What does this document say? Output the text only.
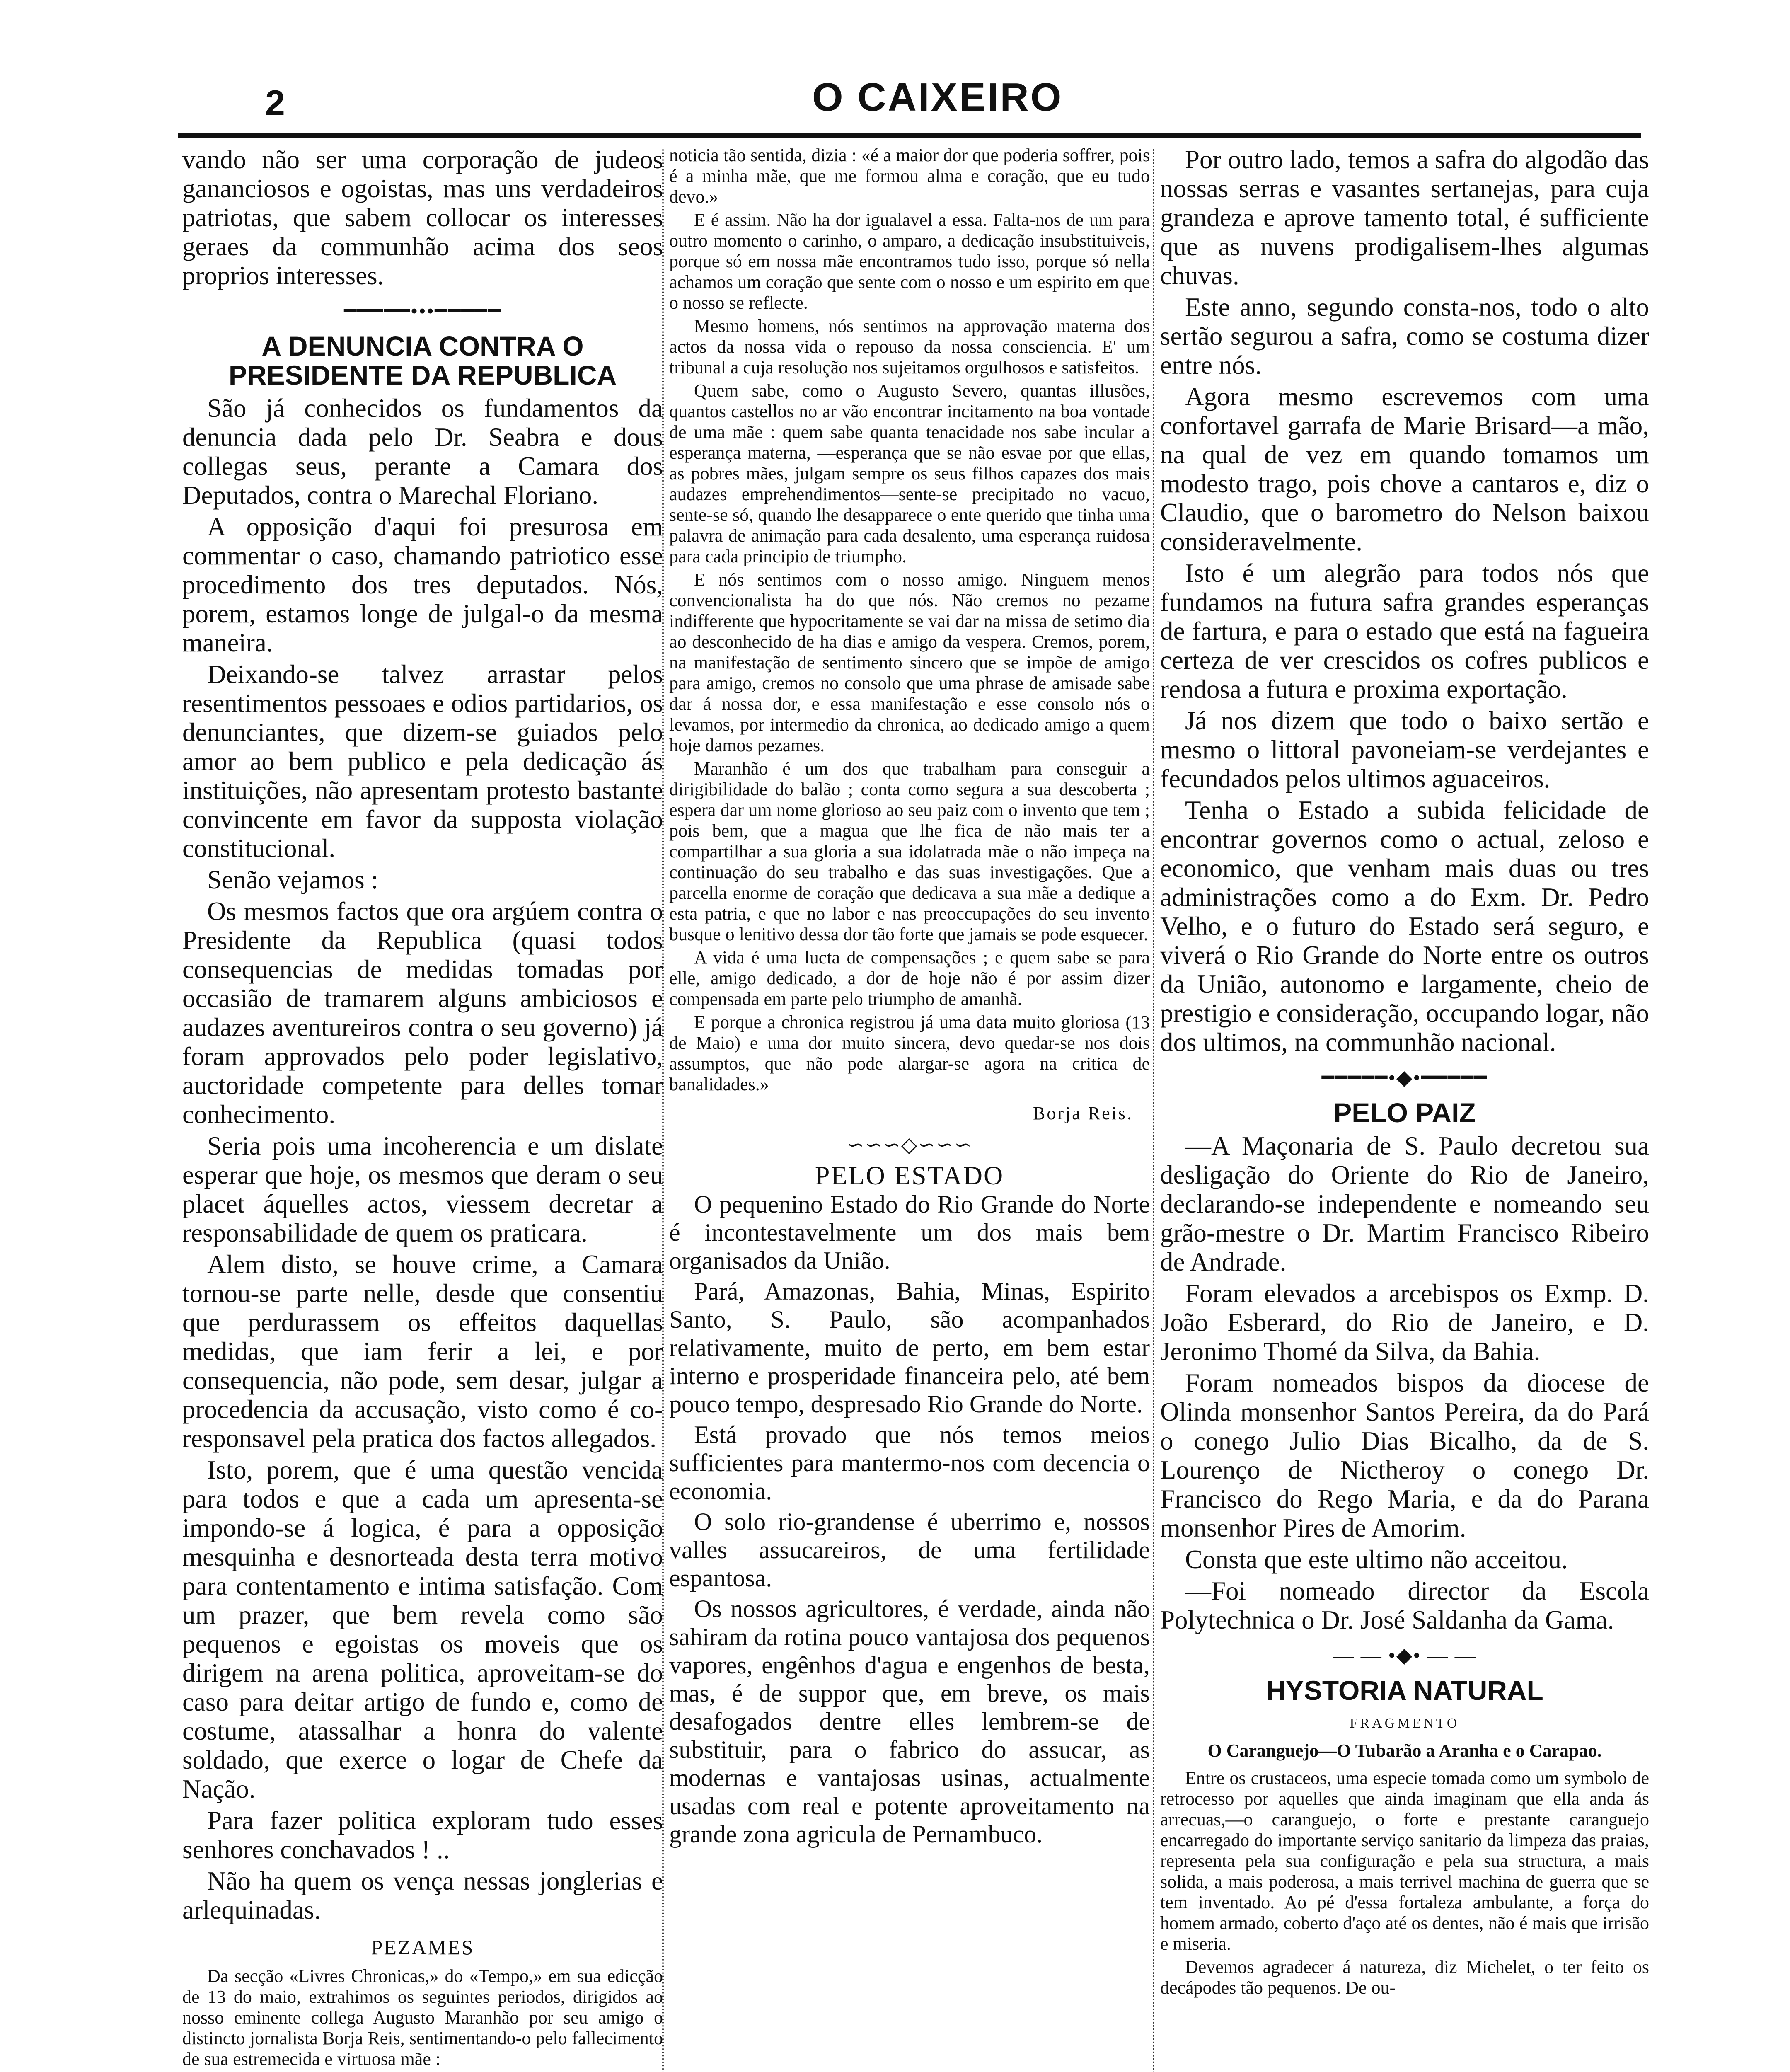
2	O CAIXEIRO

vando não ser uma corporação de judeos gananciosos e ogoistas, mas uns verdadeiros patriotas, que sabem collocar os interesses geraes da communhão acima dos seos proprios interesses.

━━━━━•••━━━━━
A DENUNCIA CONTRA O PRESIDENTE DA REPUBLICA

São já conhecidos os fundamentos da denuncia dada pelo Dr. Seabra e dous collegas seus, perante a Camara dos Deputados, contra o Marechal Floriano.

A opposição d'aqui foi presurosa em commentar o caso, chamando patriotico esse procedimento dos tres deputados. Nós, porem, estamos longe de julgal-o da mesma maneira.

Deixando-se talvez arrastar pelos resentimentos pessoaes e odios partidarios, os denunciantes, que dizem-se guiados pelo amor ao bem publico e pela dedicação ás instituições, não apresentam protesto bastante convincente em favor da supposta violação constitucional.

Senão vejamos :

Os mesmos factos que ora argúem contra o Presidente da Republica (quasi todos consequencias de medidas tomadas por occasião de tramarem alguns ambiciosos e audazes aventureiros contra o seu governo) já foram approvados pelo poder legislativo, auctoridade competente para delles tomar conhecimento.

Seria pois uma incoherencia e um dislate esperar que hoje, os mesmos que deram o seu placet áquelles actos, viessem decretar a responsabilidade de quem os praticara.

Alem disto, se houve crime, a Camara tornou-se parte nelle, desde que consentiu que perdurassem os effeitos daquellas medidas, que iam ferir a lei, e por consequencia, não pode, sem desar, julgar a procedencia da accusação, visto como é co-responsavel pela pratica dos factos allegados.

Isto, porem, que é uma questão vencida para todos e que a cada um apresenta-se impondo-se á logica, é para a opposição mesquinha e desnorteada desta terra motivo para contentamento e intima satisfação. Com um prazer, que bem revela como são pequenos e egoistas os moveis que os dirigem na arena politica, aproveitam-se do caso para deitar artigo de fundo e, como de costume, atassalhar a honra do valente soldado, que exerce o logar de Chefe da Nação.

Para fazer politica exploram tudo esses senhores conchavados ! ..

Não ha quem os vença nessas jonglerias e arlequinadas.

PEZAMES

Da secção «Livres Chronicas,» do «Tempo,» em sua edicção de 13 do maio, extrahimos os seguintes periodos, dirigidos ao nosso eminente collega Augusto Maranhão por seu amigo o distincto jornalista Borja Reis, sentimentando-o pelo fallecimento de sua estremecida e virtuosa mãe :

noticia tão sentida, dizia : «é a maior dor que poderia soffrer, pois é a minha mãe, que me formou alma e coração, que eu tudo devo.»

E é assim. Não ha dor igualavel a essa. Falta-nos de um para outro momento o carinho, o amparo, a dedicação insubstituiveis, porque só em nossa mãe encontramos tudo isso, porque só nella achamos um coração que sente com o nosso e um espirito em que o nosso se reflecte.

Mesmo homens, nós sentimos na approvação materna dos actos da nossa vida o repouso da nossa consciencia. E' um tribunal a cuja resolução nos sujeitamos orgulhosos e satisfeitos.

Quem sabe, como o Augusto Severo, quantas illusões, quantos castellos no ar vão encontrar incitamento na boa vontade de uma mãe : quem sabe quanta tenacidade nos sabe incular a esperança materna, —esperança que se não esvae por que ellas, as pobres mães, julgam sempre os seus filhos capazes dos mais audazes emprehendimentos—sente-se precipitado no vacuo, sente-se só, quando lhe desapparece o ente querido que tinha uma palavra de animação para cada desalento, uma esperança ruidosa para cada principio de triumpho.

E nós sentimos com o nosso amigo. Ninguem menos convencionalista ha do que nós. Não cremos no pezame indifferente que hypocritamente se vai dar na missa de setimo dia ao desconhecido de ha dias e amigo da vespera. Cremos, porem, na manifestação de sentimento sincero que se impõe de amigo para amigo, cremos no consolo que uma phrase de amisade sabe dar á nossa dor, e essa manifestação e esse consolo nós o levamos, por intermedio da chronica, ao dedicado amigo a quem hoje damos pezames.

Maranhão é um dos que trabalham para conseguir a dirigibilidade do balão ; conta como segura a sua descoberta ; espera dar um nome glorioso ao seu paiz com o invento que tem ; pois bem, que a magua que lhe fica de não mais ter a compartilhar a sua gloria a sua idolatrada mãe o não impeça na continuação do seu trabalho e das suas investigações. Que a parcella enorme de coração que dedicava a sua mãe a dedique a esta patria, e que no labor e nas preoccupações do seu invento busque o lenitivo dessa dor tão forte que jamais se pode esquecer.

A vida é uma lucta de compensações ; e quem sabe se para elle, amigo dedicado, a dor de hoje não é por assim dizer compensada em parte pelo triumpho de amanhã.

E porque a chronica registrou já uma data muito gloriosa (13 de Maio) e uma dor muito sincera, devo quedar-se nos dois assumptos, que não pode alargar-se agora na critica de banalidades.»

Borja Reis.
∽∽∽◇∽∽∽
PELO ESTADO

O pequenino Estado do Rio Grande do Norte é incontestavelmente um dos mais bem organisados da União.

Pará, Amazonas, Bahia, Minas, Espirito Santo, S. Paulo, são acompanhados relativamente, muito de perto, em bem estar interno e prosperidade financeira pelo, até bem pouco tempo, despresado Rio Grande do Norte.

Está provado que nós temos meios sufficientes para mantermo-nos com decencia o economia.

O solo rio-grandense é uberrimo e, nossos valles assucareiros, de uma fertilidade espantosa.

Os nossos agricultores, é verdade, ainda não sahiram da rotina pouco vantajosa dos pequenos vapores, engênhos d'agua e engenhos de besta, mas, é de suppor que, em breve, os mais desafogados dentre elles lembrem-se de substituir, para o fabrico do assucar, as modernas e vantajosas usinas, actualmente usadas com real e potente aproveitamento na grande zona agricula de Pernambuco.

Por outro lado, temos a safra do algodão das nossas serras e vasantes sertanejas, para cuja grandeza e aprove tamento total, é sufficiente que as nuvens prodigalisem-lhes algumas chuvas.

Este anno, segundo consta-nos, todo o alto sertão segurou a safra, como se costuma dizer entre nós.

Agora mesmo escrevemos com uma confortavel garrafa de Marie Brisard—a mão, na qual de vez em quando tomamos um modesto trago, pois chove a cantaros e, diz o Claudio, que o barometro do Nelson baixou consideravelmente.

Isto é um alegrão para todos nós que fundamos na futura safra grandes esperanças de fartura, e para o estado que está na fagueira certeza de ver crescidos os cofres publicos e rendosa a futura e proxima exportação.

Já nos dizem que todo o baixo sertão e mesmo o littoral pavoneiam-se verdejantes e fecundados pelos ultimos aguaceiros.

Tenha o Estado a subida felicidade de encontrar governos como o actual, zeloso e economico, que venham mais duas ou tres administrações como a do Exm. Dr. Pedro Velho, e o futuro do Estado será seguro, e viverá o Rio Grande do Norte entre os outros da União, autonomo e largamente, cheio de prestigio e consideração, occupando logar, não dos ultimos, na communhão nacional.

━━━━━•◆•━━━━━
PELO PAIZ

—A Maçonaria de S. Paulo decretou sua desligação do Oriente do Rio de Janeiro, declarando-se independente e nomeando seu grão-mestre o Dr. Martim Francisco Ribeiro de Andrade.

Foram elevados a arcebispos os Exmp. D. João Esberard, do Rio de Janeiro, e D. Jeronimo Thomé da Silva, da Bahia.

Foram nomeados bispos da diocese de Olinda monsenhor Santos Pereira, da do Pará o conego Julio Dias Bicalho, da de S. Lourenço de Nictheroy o conego Dr. Francisco do Rego Maria, e da do Parana monsenhor Pires de Amorim.

Consta que este ultimo não acceitou.

—Foi nomeado director da Escola Polytechnica o Dr. José Saldanha da Gama.

— — •◆• — —
HYSTORIA NATURAL
FRAGMENTO
O Caranguejo—O Tubarão a Aranha e o Carapao.

Entre os crustaceos, uma especie tomada como um symbolo de retrocesso por aquelles que ainda imaginam que ella anda ás arrecuas,—o caranguejo, o forte e prestante caranguejo encarregado do importante serviço sanitario da limpeza das praias, representa pela sua configuração e pela sua structura, a mais solida, a mais poderosa, a mais terrivel machina de guerra que se tem inventado. Ao pé d'essa fortaleza ambulante, a força do homem armado, coberto d'aço até os dentes, não é mais que irrisão e miseria.

Devemos agradecer á natureza, diz Michelet, o ter feito os decápodes tão pequenos. De ou-
